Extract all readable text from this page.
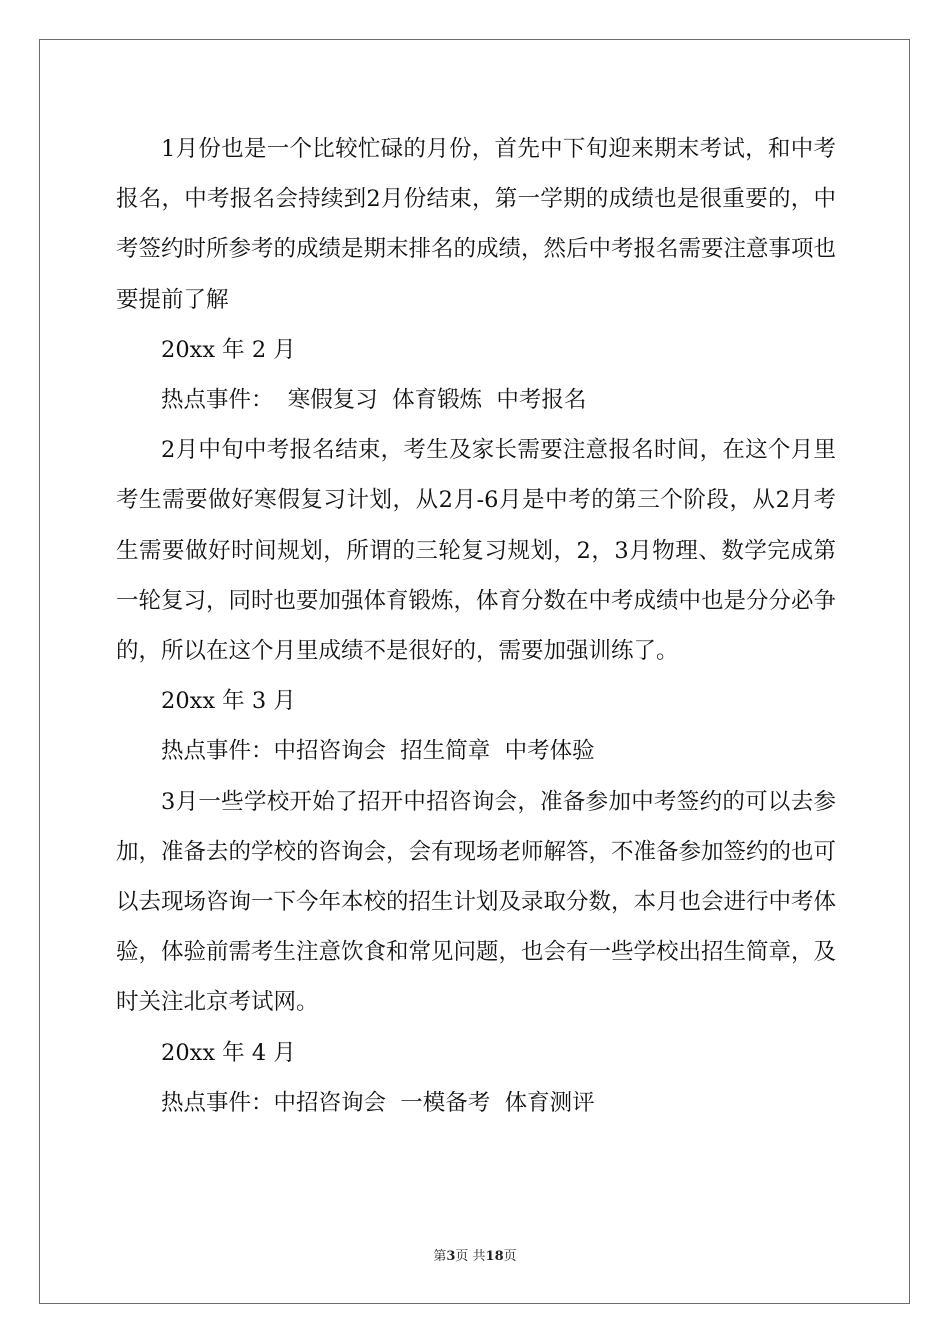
1月份也是一个比较忙碌的月份，首先中下旬迎来期末考试，和中考报名，中考报名会持续到2月份结束，第一学期的成绩也是很重要的，中考签约时所参考的成绩是期末排名的成绩，然后中考报名需要注意事项也要提前了解

20xx 年 2 月

热点事件：  寒假复习  体育锻炼  中考报名

2月中旬中考报名结束，考生及家长需要注意报名时间，在这个月里考生需要做好寒假复习计划，从2月-6月是中考的第三个阶段，从2月考生需要做好时间规划，所谓的三轮复习规划，2，3月物理、数学完成第一轮复习，同时也要加强体育锻炼，体育分数在中考成绩中也是分分必争的，所以在这个月里成绩不是很好的，需要加强训练了。

20xx 年 3 月

热点事件：中招咨询会  招生简章  中考体验

3月一些学校开始了招开中招咨询会，准备参加中考签约的可以去参加，准备去的学校的咨询会，会有现场老师解答，不准备参加签约的也可以去现场咨询一下今年本校的招生计划及录取分数，本月也会进行中考体验，体验前需考生注意饮食和常见问题，也会有一些学校出招生简章，及时关注北京考试网。

20xx 年 4 月

热点事件：中招咨询会  一模备考  体育测评

第3页 共18页
